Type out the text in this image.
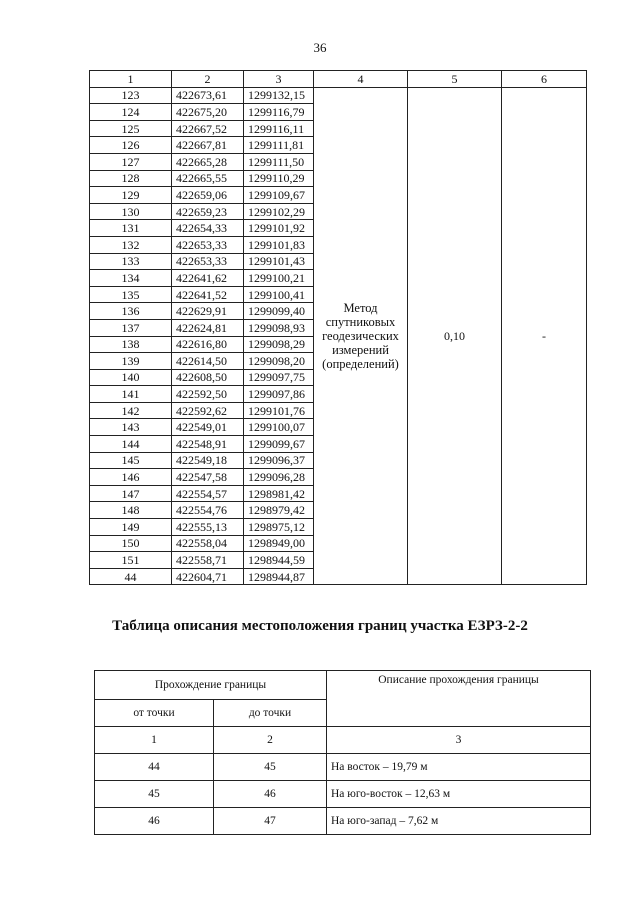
36
1	2	3	4	5	6
123	422673,61	1299132,15	Метод
спутниковых
геодезических
измерений
(определений)	0,10	-
124	422675,20	1299116,79			
125	422667,52	1299116,11			
126	422667,81	1299111,81			
127	422665,28	1299111,50			
128	422665,55	1299110,29			
129	422659,06	1299109,67			
130	422659,23	1299102,29			
131	422654,33	1299101,92			
132	422653,33	1299101,83			
133	422653,33	1299101,43			
134	422641,62	1299100,21			
135	422641,52	1299100,41			
136	422629,91	1299099,40			
137	422624,81	1299098,93			
138	422616,80	1299098,29			
139	422614,50	1299098,20			
140	422608,50	1299097,75			
141	422592,50	1299097,86			
142	422592,62	1299101,76			
143	422549,01	1299100,07			
144	422548,91	1299099,67			
145	422549,18	1299096,37			
146	422547,58	1299096,28			
147	422554,57	1298981,42			
148	422554,76	1298979,42			
149	422555,13	1298975,12			
150	422558,04	1298949,00			
151	422558,71	1298944,59			
44	422604,71	1298944,87			
Таблица описания местоположения границ участка ЕЗРЗ-2-2
Прохождение границы		Описание прохождения границы
от точки	до точки	
1	2	3
44	45	На восток – 19,79 м
45	46	На юго-восток – 12,63 м
46	47	На юго-запад – 7,62 м
